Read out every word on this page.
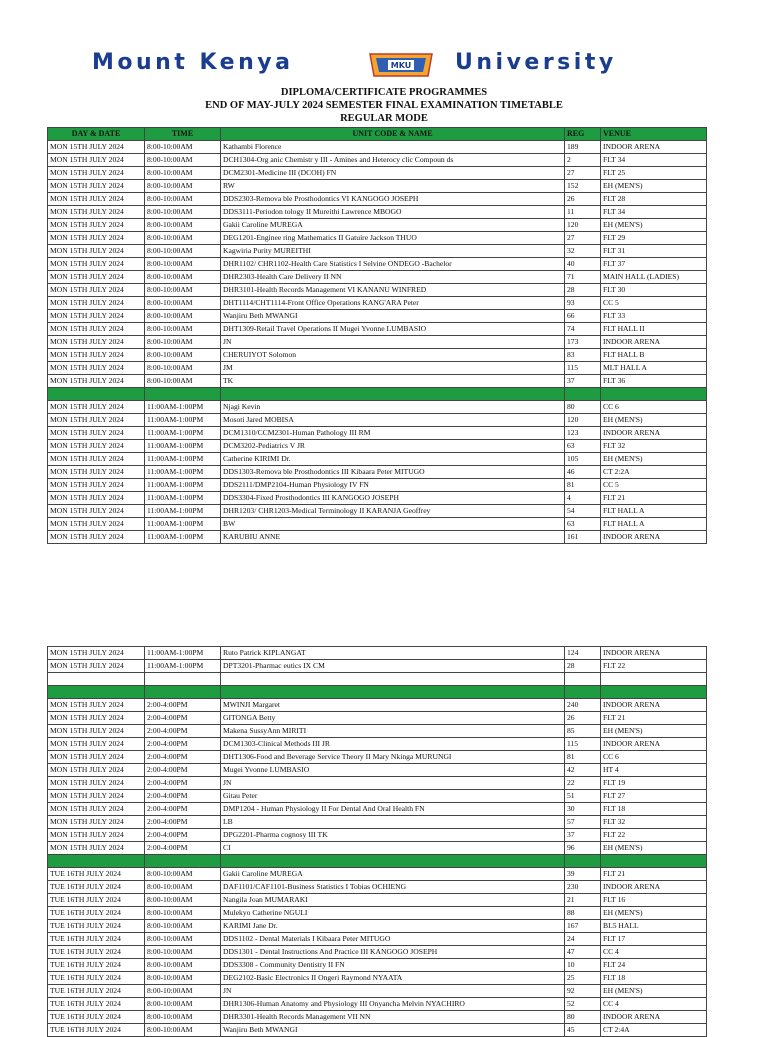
Mount Kenya	MKU University
DIPLOMA/CERTIFICATE PROGRAMMES
END OF MAY-JULY 2024 SEMESTER FINAL EXAMINATION TIMETABLE
REGULAR MODE
DAY & DATE	TIME	UNIT CODE & NAME	REG	VENUE
MON 15TH JULY 2024	8:00-10:00AM	Kathambi Florence	189	INDOOR ARENA
MON 15TH JULY 2024	8:00-10:00AM	DCH1304-Org anic Chemistr y III - Amines and Heterocy clic Compoun ds	2	FLT 34
MON 15TH JULY 2024	8:00-10:00AM	DCM2301-Medicine III (DCOH) FN	27	FLT 25
MON 15TH JULY 2024	8:00-10:00AM	RW	152	EH (MEN'S)
MON 15TH JULY 2024	8:00-10:00AM	DDS2303-Remova ble Prosthodontics VI KANGOGO JOSEPH	26	FLT 28
MON 15TH JULY 2024	8:00-10:00AM	DDS3111-Periodon tology II Mureithi Lawrence MBOGO	11	FLT 34
MON 15TH JULY 2024	8:00-10:00AM	Gakii Caroline MUREGA	120	EH (MEN'S)
MON 15TH JULY 2024	8:00-10:00AM	DEG1201-Enginee ring Mathematics II Gatuire Jackson THUO	27	FLT 29
MON 15TH JULY 2024	8:00-10:00AM	Kagwiria Purity MUREITHI	32	FLT 31
MON 15TH JULY 2024	8:00-10:00AM	DHR1102/ CHR1102-Health Care Statistics I Selvine ONDEGO -Bachelor	40	FLT 37
MON 15TH JULY 2024	8:00-10:00AM	DHR2303-Health Care Delivery II NN	71	MAIN HALL (LADIES)
MON 15TH JULY 2024	8:00-10:00AM	DHR3101-Health Records Management VI KANANU WINFRED	28	FLT 30
MON 15TH JULY 2024	8:00-10:00AM	DHT1114/CHT1114-Front Office Operations KANG'ARA Peter	93	CC 5
MON 15TH JULY 2024	8:00-10:00AM	Wanjiru Beth MWANGI	66	FLT 33
MON 15TH JULY 2024	8:00-10:00AM	DHT1309-Retail Travel Operations II Mugei Yvonne LUMBASIO	74	FLT HALL II
MON 15TH JULY 2024	8:00-10:00AM	JN	173	INDOOR ARENA
MON 15TH JULY 2024	8:00-10:00AM	CHERUIYOT Solomon	83	FLT HALL B
MON 15TH JULY 2024	8:00-10:00AM	JM	115	MLT HALL A
MON 15TH JULY 2024	8:00-10:00AM	TK	37	FLT 36

MON 15TH JULY 2024	11:00AM-1:00PM	Njagi Kevin	80	CC 6
MON 15TH JULY 2024	11:00AM-1:00PM	Mosoti Jared MOBISA	120	EH (MEN'S)
MON 15TH JULY 2024	11:00AM-1:00PM	DCM1310/CCM2301-Human Pathology III RM	123	INDOOR ARENA
MON 15TH JULY 2024	11:00AM-1:00PM	DCM3202-Pediatrics V JR	63	FLT 32
MON 15TH JULY 2024	11:00AM-1:00PM	Catherine KIRIMI Dr.	105	EH (MEN'S)
MON 15TH JULY 2024	11:00AM-1:00PM	DDS1303-Remova ble Prosthodontics III Kibaara Peter MITUGO	46	CT 2:2A
MON 15TH JULY 2024	11:00AM-1:00PM	DDS2111/DMP2104-Human Physiology IV FN	81	CC 5
MON 15TH JULY 2024	11:00AM-1:00PM	DDS3304-Fixed Prosthodontics III KANGOGO JOSEPH	4	FLT 21
MON 15TH JULY 2024	11:00AM-1:00PM	DHR1203/ CHR1203-Medical Terminology II KARANJA Geoffrey	54	FLT HALL A
MON 15TH JULY 2024	11:00AM-1:00PM	BW	63	FLT HALL A
MON 15TH JULY 2024	11:00AM-1:00PM	KARUBIU ANNE	161	INDOOR ARENA
MON 15TH JULY 2024	11:00AM-1:00PM	Ruto Patrick KIPLANGAT	124	INDOOR ARENA
MON 15TH JULY 2024	11:00AM-1:00PM	DPT3201-Pharmac eutics IX CM	28	FLT 22

MON 15TH JULY 2024	2:00-4:00PM	MWINJI Margaret	240	INDOOR ARENA
MON 15TH JULY 2024	2:00-4:00PM	GITONGA Betty	26	FLT 21
MON 15TH JULY 2024	2:00-4:00PM	Makena SussyAnn MIRITI	85	EH (MEN'S)
MON 15TH JULY 2024	2:00-4:00PM	DCM1303-Clinical Methods III JR	115	INDOOR ARENA
MON 15TH JULY 2024	2:00-4:00PM	DHT1306-Food and Beverage Service Theory II Mary Nkinga MURUNGI	81	CC 6
MON 15TH JULY 2024	2:00-4:00PM	Mugei Yvonne LUMBASIO	42	HT 4
MON 15TH JULY 2024	2:00-4:00PM	JN	22	FLT 19
MON 15TH JULY 2024	2:00-4:00PM	Gitau Peter	51	FLT 27
MON 15TH JULY 2024	2:00-4:00PM	DMP1204 - Human Physiology II For Dental And Oral Health FN	30	FLT 18
MON 15TH JULY 2024	2:00-4:00PM	LB	57	FLT 32
MON 15TH JULY 2024	2:00-4:00PM	DPG2201-Pharma cognosy III TK	37	FLT 22
MON 15TH JULY 2024	2:00-4:00PM	CI	96	EH (MEN'S)

TUE 16TH JULY 2024	8:00-10:00AM	Gakii Caroline MUREGA	39	FLT 21
TUE 16TH JULY 2024	8:00-10:00AM	DAF1101/CAF1101-Business Statistics I Tobias OCHIENG	230	INDOOR ARENA
TUE 16TH JULY 2024	8:00-10:00AM	Nangila Joan MUMARAKI	21	FLT 16
TUE 16TH JULY 2024	8:00-10:00AM	Mulekyo Catherine NGULI	88	EH (MEN'S)
TUE 16TH JULY 2024	8:00-10:00AM	KARIMI Jane Dr.	167	BL5 HALL
TUE 16TH JULY 2024	8:00-10:00AM	DDS1102 - Dental Materials I Kibaara Peter MITUGO	24	FLT 17
TUE 16TH JULY 2024	8:00-10:00AM	DDS1301 - Dental Instructions And Practice III KANGOGO JOSEPH	47	CC 4
TUE 16TH JULY 2024	8:00-10:00AM	DDS3308 - Community Dentistry II FN	10	FLT 24
TUE 16TH JULY 2024	8:00-10:00AM	DEG2102-Basic Electronics II Ongeri Raymond NYAATA	25	FLT 18
TUE 16TH JULY 2024	8:00-10:00AM	JN	92	EH (MEN'S)
TUE 16TH JULY 2024	8:00-10:00AM	DHR1306-Human Anatomy and Physiology III Onyancha Melvin NYACHIRO	52	CC 4
TUE 16TH JULY 2024	8:00-10:00AM	DHR3301-Health Records Management VII NN	80	INDOOR ARENA
TUE 16TH JULY 2024	8:00-10:00AM	Wanjiru Beth MWANGI	45	CT 2:4A
